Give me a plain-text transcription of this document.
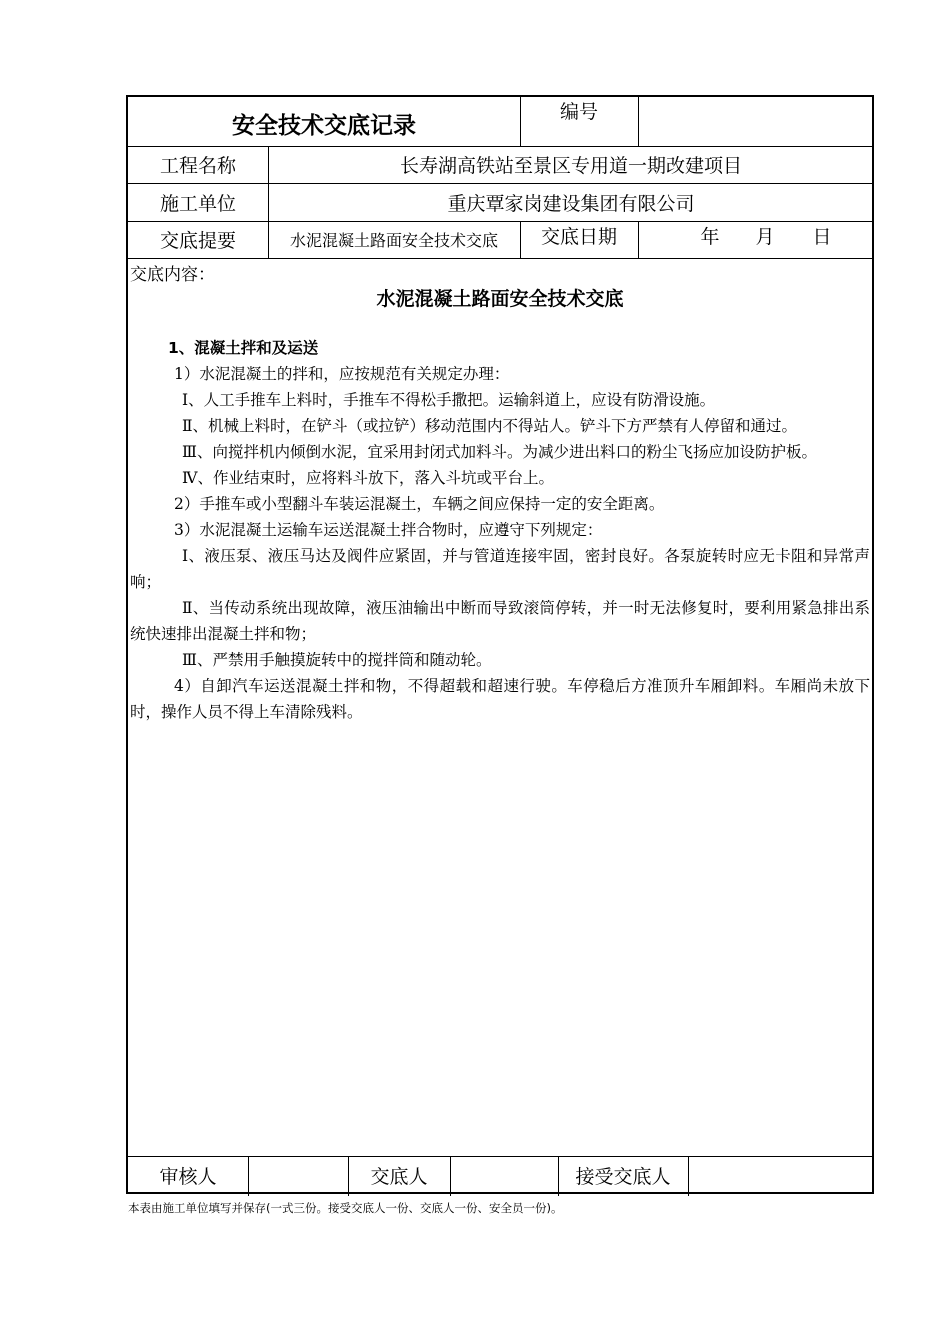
安全技术交底记录
编号
工程名称	长寿湖高铁站至景区专用道一期改建项目
施工单位	重庆覃家岗建设集团有限公司
交底提要	水泥混凝土路面安全技术交底	交底日期	年 月 日
交底内容：
水泥混凝土路面安全技术交底

1、混凝土拌和及运送

1）水泥混凝土的拌和，应按规范有关规定办理：

Ⅰ、人工手推车上料时，手推车不得松手撒把。运输斜道上，应设有防滑设施。

Ⅱ、机械上料时，在铲斗（或拉铲）移动范围内不得站人。铲斗下方严禁有人停留和通过。

Ⅲ、向搅拌机内倾倒水泥，宜采用封闭式加料斗。为减少进出料口的粉尘飞扬应加设防护板。

Ⅳ、作业结束时，应将料斗放下，落入斗坑或平台上。

2）手推车或小型翻斗车装运混凝土，车辆之间应保持一定的安全距离。

3）水泥混凝土运输车运送混凝土拌合物时，应遵守下列规定：

Ⅰ、液压泵、液压马达及阀件应紧固，并与管道连接牢固，密封良好。各泵旋转时应无卡阻和异常声响；

Ⅱ、当传动系统出现故障，液压油输出中断而导致滚筒停转，并一时无法修复时，要利用紧急排出系统快速排出混凝土拌和物；

Ⅲ、严禁用手触摸旋转中的搅拌筒和随动轮。

4）自卸汽车运送混凝土拌和物，不得超载和超速行驶。车停稳后方准顶升车厢卸料。车厢尚未放下时，操作人员不得上车清除残料。

审核人	交底人	接受交底人
本表由施工单位填写并保存(一式三份。接受交底人一份、交底人一份、安全员一份)。
